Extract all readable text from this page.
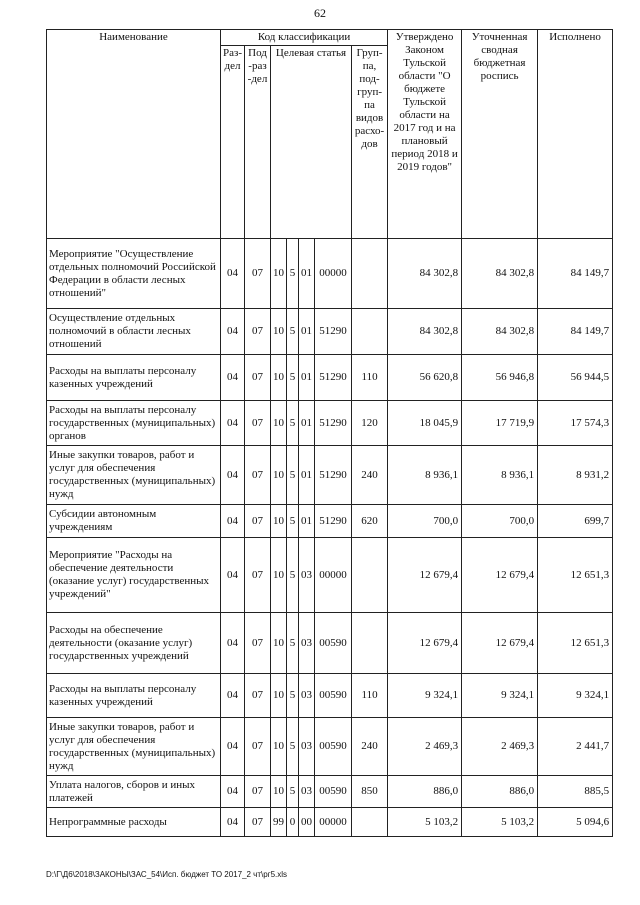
62
Наименование	Код классификации							Утверждено Законом Тульской области "О бюджете Тульской области на 2017 год и на плановый период 2018 и 2019 годов"	Уточненная сводная бюджетная роспись	Исполнено
	Раз-дел	Под-раз-дел	Целевая статья				Груп-па, под-груп-па видов расхо-дов			
Мероприятие "Осуществление отдельных полномочий Российской Федерации в области лесных отношений"	04	07	10	5	01	00000		84 302,8	84 302,8	84 149,7
Осуществление отдельных полномочий в области лесных отношений	04	07	10	5	01	51290		84 302,8	84 302,8	84 149,7
Расходы на выплаты персоналу казенных учреждений	04	07	10	5	01	51290	110	56 620,8	56 946,8	56 944,5
Расходы на выплаты персоналу государственных (муниципальных) органов	04	07	10	5	01	51290	120	18 045,9	17 719,9	17 574,3
Иные закупки товаров, работ и услуг для обеспечения государственных (муниципальных) нужд	04	07	10	5	01	51290	240	8 936,1	8 936,1	8 931,2
Субсидии автономным учреждениям	04	07	10	5	01	51290	620	700,0	700,0	699,7
Мероприятие "Расходы на обеспечение деятельности (оказание услуг) государственных учреждений"	04	07	10	5	03	00000		12 679,4	12 679,4	12 651,3
Расходы на обеспечение деятельности (оказание услуг) государственных учреждений	04	07	10	5	03	00590		12 679,4	12 679,4	12 651,3
Расходы на выплаты персоналу казенных учреждений	04	07	10	5	03	00590	110	9 324,1	9 324,1	9 324,1
Иные закупки товаров, работ и услуг для обеспечения государственных (муниципальных) нужд	04	07	10	5	03	00590	240	2 469,3	2 469,3	2 441,7
Уплата налогов, сборов и иных платежей	04	07	10	5	03	00590	850	886,0	886,0	885,5
Непрограммные расходы	04	07	99	0	00	00000		5 103,2	5 103,2	5 094,6
D:\Г\Д6\2018\ЗАКОНЫ\ЗАС_54\Исп. бюджет ТО 2017_2 чт\рг5.xls
